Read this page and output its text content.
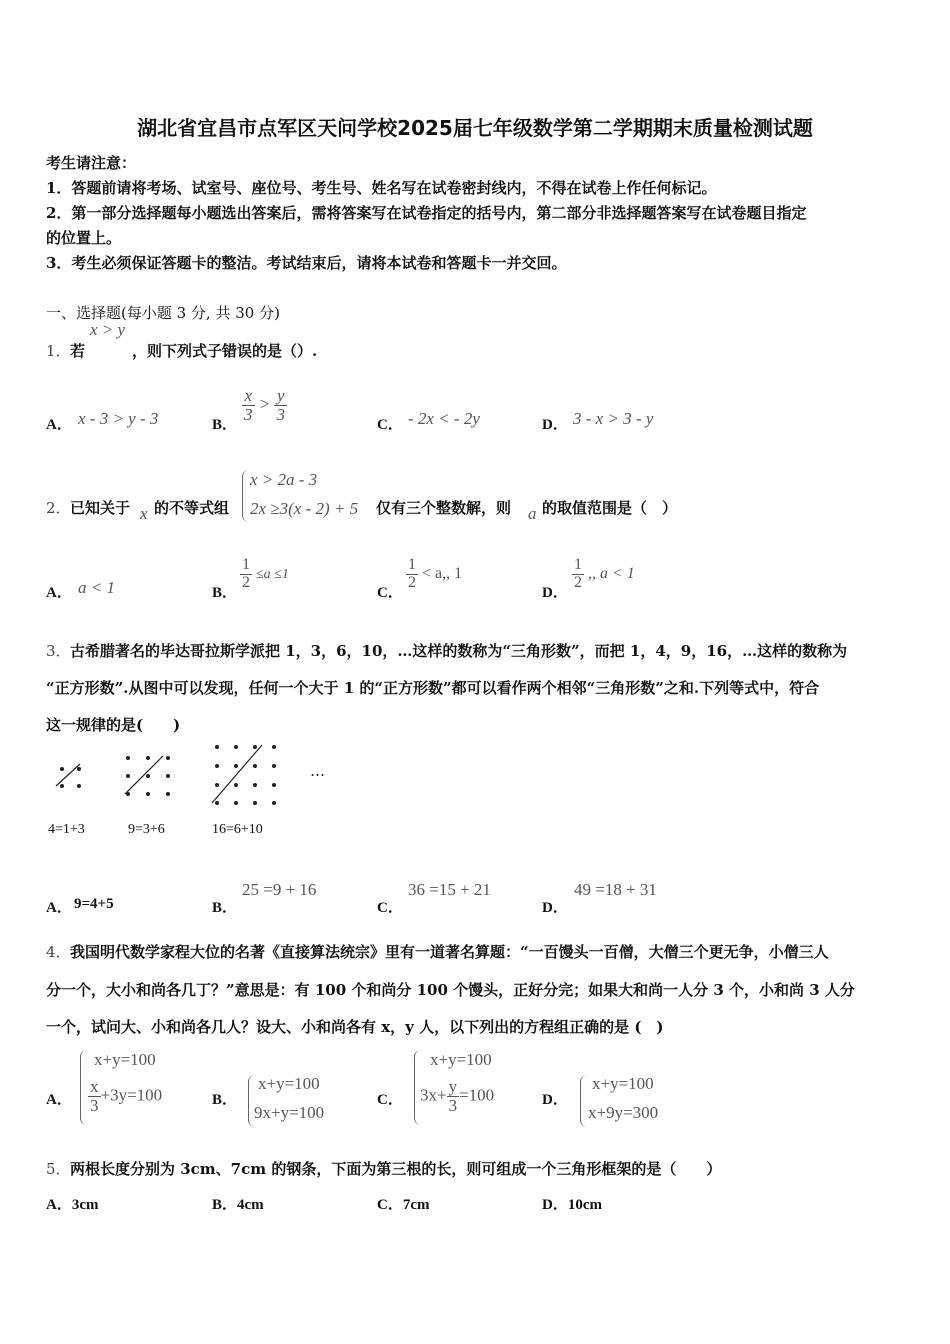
湖北省宜昌市点军区天问学校2025届七年级数学第二学期期末质量检测试题
考生请注意：
1．答题前请将考场、试室号、座位号、考生号、姓名写在试卷密封线内，不得在试卷上作任何标记。
2．第一部分选择题每小题选出答案后，需将答案写在试卷指定的括号内，第二部分非选择题答案写在试卷题目指定
的位置上。
3．考生必须保证答题卡的整洁。考试结束后，请将本试卷和答题卡一并交回。
一、选择题(每小题 3 分, 共 30 分)
1． 若
x > y
，则下列式子错误的是（）.
A． x - 3 > y - 3	B．
$\frac{x}{3} > \frac{y}{3}$
C． - 2x < - 2y	D． 3 - x > 3 - y
2． 已知关于 x 的不等式组
x > 2a - 3
2x ≥3(x - 2) + 5 仅有三个整数解，则 a 的取值范围是（　）
A． a < 1	B．
$\frac{1}{2} \le a \le 1$
C．
$\frac{1}{2} < a$,, 1
D．
$\frac{1}{2}$ ,, a < 1
3． 古希腊著名的毕达哥拉斯学派把 1，3，6，10，…这样的数称为“三角形数”，而把 1，4，9，16，…这样的数称为
“正方形数”.从图中可以发现，任何一个大于 1 的“正方形数”都可以看作两个相邻“三角形数”之和.下列等式中，符合
这一规律的是(　　)
…
4=1+3	9=3+6	16=6+10
A． 9=4+5	B．
25 =9 + 16
C．
36 =15 + 21
D．
49 =18 + 31
4． 我国明代数学家程大位的名著《直接算法统宗》里有一道著名算题：“一百馒头一百僧，大僧三个更无争，小僧三人
分一个，大小和尚各几丁？”意思是：有 100 个和尚分 100 个馒头，正好分完；如果大和尚一人分 3 个，小和尚 3 人分
一个，试问大、小和尚各几人？设大、小和尚各有 x，y 人，以下列出的方程组正确的是 (　)
A．
x+y=100
$\frac{x}{3} +3y=100$	B．
x+y=100
9x+y=100
C．
x+y=100
$3x+ \frac{y}{3} =100$	D．
x+y=100
x+9y=300
5． 两根长度分别为 3cm、7cm 的钢条，下面为第三根的长，则可组成一个三角形框架的是（　　）
A．3cm	B．4cm	C．7cm	D．10cm
